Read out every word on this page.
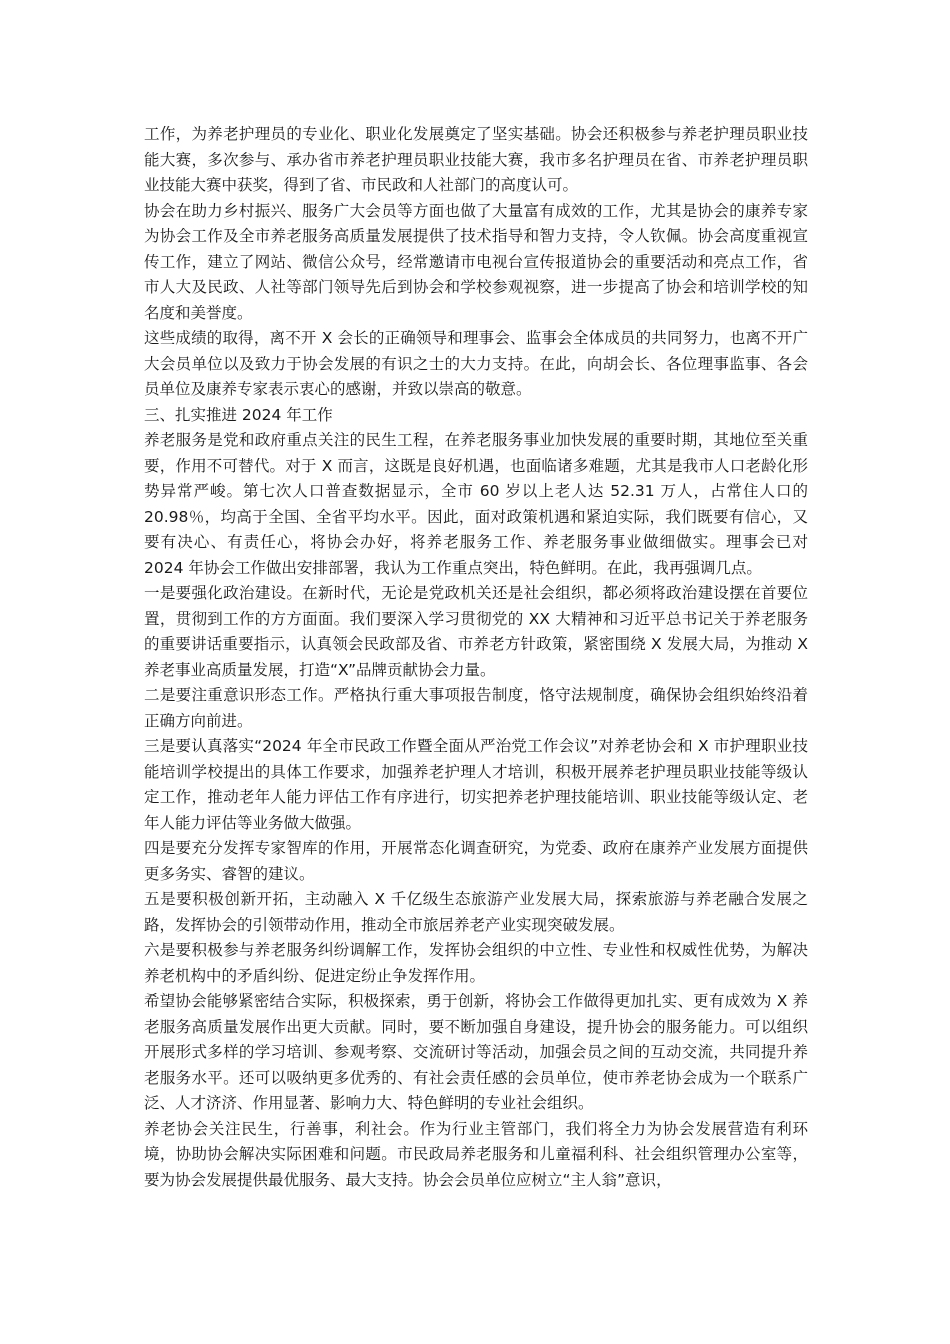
工作，为养老护理员的专业化、职业化发展奠定了坚实基础。协会还积极参与养老护理员职业技能大赛，多次参与、承办省市养老护理员职业技能大赛，我市多名护理员在省、市养老护理员职业技能大赛中获奖，得到了省、市民政和人社部门的高度认可。

协会在助力乡村振兴、服务广大会员等方面也做了大量富有成效的工作，尤其是协会的康养专家为协会工作及全市养老服务高质量发展提供了技术指导和智力支持，令人钦佩。协会高度重视宣传工作，建立了网站、微信公众号，经常邀请市电视台宣传报道协会的重要活动和亮点工作，省市人大及民政、人社等部门领导先后到协会和学校参观视察，进一步提高了协会和培训学校的知名度和美誉度。

这些成绩的取得，离不开 X 会长的正确领导和理事会、监事会全体成员的共同努力，也离不开广大会员单位以及致力于协会发展的有识之士的大力支持。在此，向胡会长、各位理事监事、各会员单位及康养专家表示衷心的感谢，并致以崇高的敬意。

三、扎实推进 2024 年工作

养老服务是党和政府重点关注的民生工程，在养老服务事业加快发展的重要时期，其地位至关重要，作用不可替代。对于 X 而言，这既是良好机遇，也面临诸多难题，尤其是我市人口老龄化形势异常严峻。第七次人口普查数据显示，全市 60 岁以上老人达 52.31 万人，占常住人口的 20.98％，均高于全国、全省平均水平。因此，面对政策机遇和紧迫实际，我们既要有信心，又要有决心、有责任心，将协会办好，将养老服务工作、养老服务事业做细做实。理事会已对 2024 年协会工作做出安排部署，我认为工作重点突出，特色鲜明。在此，我再强调几点。

一是要强化政治建设。在新时代，无论是党政机关还是社会组织，都必须将政治建设摆在首要位置，贯彻到工作的方方面面。我们要深入学习贯彻党的 XX 大精神和习近平总书记关于养老服务的重要讲话重要指示，认真领会民政部及省、市养老方针政策，紧密围绕 X 发展大局，为推动 X 养老事业高质量发展，打造“X”品牌贡献协会力量。

二是要注重意识形态工作。严格执行重大事项报告制度，恪守法规制度，确保协会组织始终沿着正确方向前进。

三是要认真落实“2024 年全市民政工作暨全面从严治党工作会议”对养老协会和 X 市护理职业技能培训学校提出的具体工作要求，加强养老护理人才培训，积极开展养老护理员职业技能等级认定工作，推动老年人能力评估工作有序进行，切实把养老护理技能培训、职业技能等级认定、老年人能力评估等业务做大做强。

四是要充分发挥专家智库的作用，开展常态化调查研究，为党委、政府在康养产业发展方面提供更多务实、睿智的建议。

五是要积极创新开拓，主动融入 X 千亿级生态旅游产业发展大局，探索旅游与养老融合发展之路，发挥协会的引领带动作用，推动全市旅居养老产业实现突破发展。

六是要积极参与养老服务纠纷调解工作，发挥协会组织的中立性、专业性和权威性优势，为解决养老机构中的矛盾纠纷、促进定纷止争发挥作用。

希望协会能够紧密结合实际，积极探索，勇于创新，将协会工作做得更加扎实、更有成效为 X 养老服务高质量发展作出更大贡献。同时，要不断加强自身建设，提升协会的服务能力。可以组织开展形式多样的学习培训、参观考察、交流研讨等活动，加强会员之间的互动交流，共同提升养老服务水平。还可以吸纳更多优秀的、有社会责任感的会员单位，使市养老协会成为一个联系广泛、人才济济、作用显著、影响力大、特色鲜明的专业社会组织。

养老协会关注民生，行善事，利社会。作为行业主管部门，我们将全力为协会发展营造有利环境，协助协会解决实际困难和问题。市民政局养老服务和儿童福利科、社会组织管理办公室等，要为协会发展提供最优服务、最大支持。协会会员单位应树立“主人翁”意识，
